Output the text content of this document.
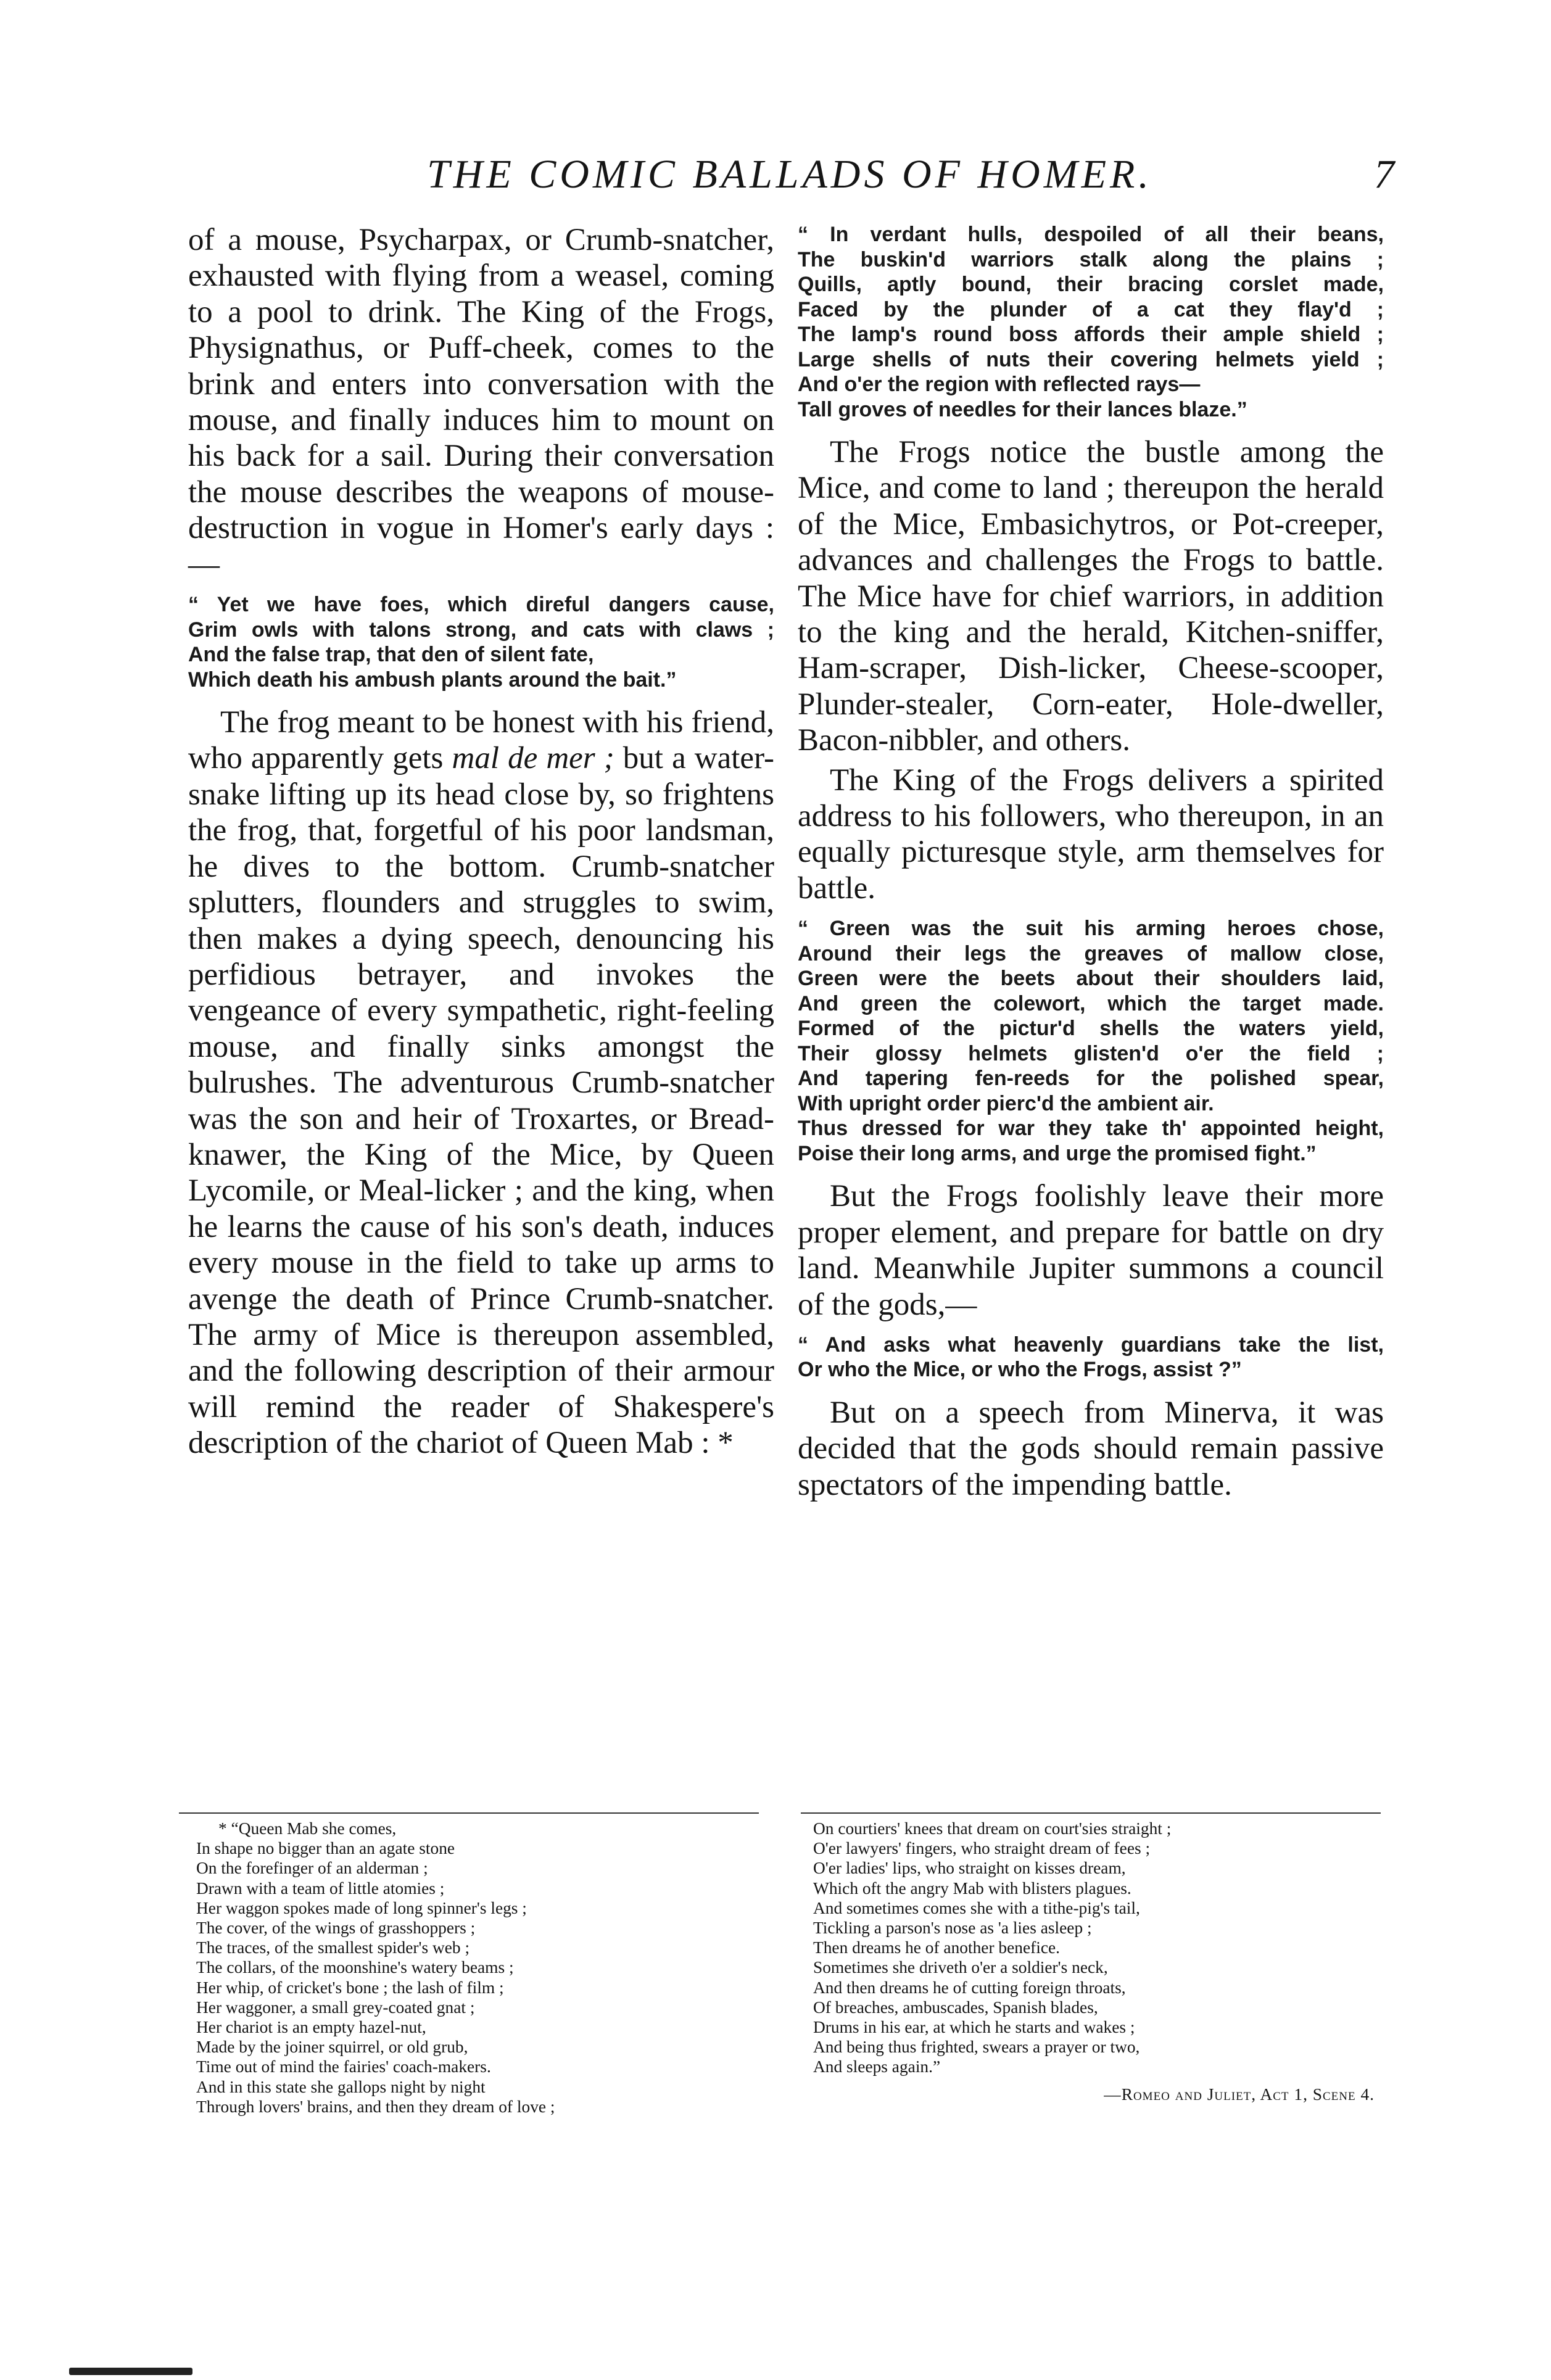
THE COMIC BALLADS OF HOMER.	7

of a mouse, Psycharpax, or Crumb-snatcher, exhausted with flying from a weasel, coming to a pool to drink. The King of the Frogs, Physignathus, or Puff-cheek, comes to the brink and enters into conversation with the mouse, and finally induces him to mount on his back for a sail. During their conversation the mouse describes the weapons of mouse-destruction in vogue in Homer's early days :—

“ Yet we have foes, which direful dangers cause,
Grim owls with talons strong, and cats with claws ;
And the false trap, that den of silent fate,
Which death his ambush plants around the bait.”

The frog meant to be honest with his friend, who apparently gets mal de mer ; but a water-snake lifting up its head close by, so frightens the frog, that, forgetful of his poor landsman, he dives to the bottom. Crumb-snatcher splutters, flounders and struggles to swim, then makes a dying speech, denouncing his perfidious betrayer, and invokes the vengeance of every sympathetic, right-feeling mouse, and finally sinks amongst the bulrushes. The adventurous Crumb-snatcher was the son and heir of Troxartes, or Bread-knawer, the King of the Mice, by Queen Lycomile, or Meal-licker ; and the king, when he learns the cause of his son's death, induces every mouse in the field to take up arms to avenge the death of Prince Crumb-snatcher. The army of Mice is thereupon assembled, and the following description of their armour will remind the reader of Shakespere's description of the chariot of Queen Mab : *

“ In verdant hulls, despoiled of all their beans,
The buskin'd warriors stalk along the plains ;
Quills, aptly bound, their bracing corslet made,
Faced by the plunder of a cat they flay'd ;
The lamp's round boss affords their ample shield ;
Large shells of nuts their covering helmets yield ;
And o'er the region with reflected rays—
Tall groves of needles for their lances blaze.”

The Frogs notice the bustle among the Mice, and come to land ; thereupon the herald of the Mice, Embasichytros, or Pot-creeper, advances and challenges the Frogs to battle. The Mice have for chief warriors, in addition to the king and the herald, Kitchen-sniffer, Ham-scraper, Dish-licker, Cheese-scooper, Plunder-stealer, Corn-eater, Hole-dweller, Bacon-nibbler, and others.

The King of the Frogs delivers a spirited address to his followers, who thereupon, in an equally picturesque style, arm themselves for battle.

“ Green was the suit his arming heroes chose,
Around their legs the greaves of mallow close,
Green were the beets about their shoulders laid,
And green the colewort, which the target made.
Formed of the pictur'd shells the waters yield,
Their glossy helmets glisten'd o'er the field ;
And tapering fen-reeds for the polished spear,
With upright order pierc'd the ambient air.
Thus dressed for war they take th' appointed height,
Poise their long arms, and urge the promised fight.”

But the Frogs foolishly leave their more proper element, and prepare for battle on dry land. Meanwhile Jupiter summons a council of the gods,—

“ And asks what heavenly guardians take the list,
Or who the Mice, or who the Frogs, assist ?”

But on a speech from Minerva, it was decided that the gods should remain passive spectators of the impending battle.

* “Queen Mab she comes,
In shape no bigger than an agate stone
On the forefinger of an alderman ;
Drawn with a team of little atomies ;
Her waggon spokes made of long spinner's legs ;
The cover, of the wings of grasshoppers ;
The traces, of the smallest spider's web ;
The collars, of the moonshine's watery beams ;
Her whip, of cricket's bone ; the lash of film ;
Her waggoner, a small grey-coated gnat ;
Her chariot is an empty hazel-nut,
Made by the joiner squirrel, or old grub,
Time out of mind the fairies' coach-makers.
And in this state she gallops night by night
Through lovers' brains, and then they dream of love ;
On courtiers' knees that dream on court'sies straight ;
O'er lawyers' fingers, who straight dream of fees ;
O'er ladies' lips, who straight on kisses dream,
Which oft the angry Mab with blisters plagues.
And sometimes comes she with a tithe-pig's tail,
Tickling a parson's nose as 'a lies asleep ;
Then dreams he of another benefice.
Sometimes she driveth o'er a soldier's neck,
And then dreams he of cutting foreign throats,
Of breaches, ambuscades, Spanish blades,
Drums in his ear, at which he starts and wakes ;
And being thus frighted, swears a prayer or two,
And sleeps again.”
—Romeo and Juliet, Act 1, Scene 4.
